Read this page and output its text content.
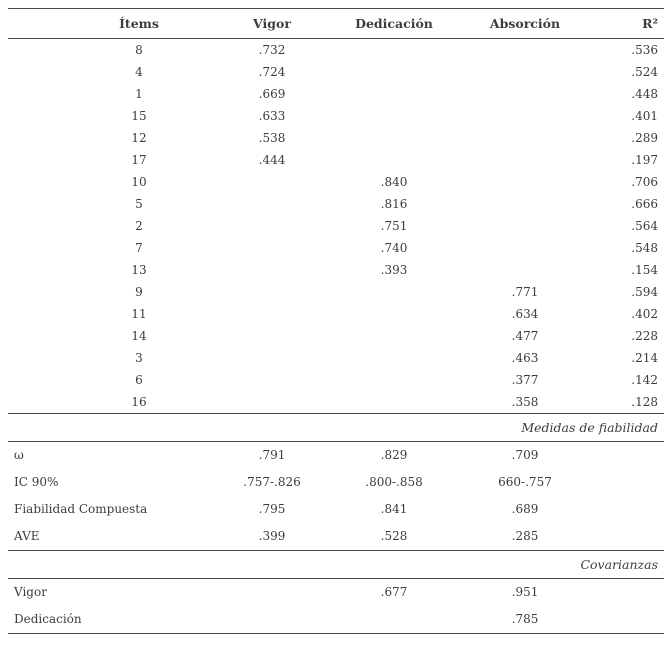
Ítems	Vigor	Dedicación	Absorción	R²
8	.732			.536
4	.724			.524
1	.669			.448
15	.633			.401
12	.538			.289
17	.444			.197
10		.840		.706
5		.816		.666
2		.751		.564
7		.740		.548
13		.393		.154
9			.771	.594
11			.634	.402
14			.477	.228
3			.463	.214
6			.377	.142
16			.358	.128
Medidas de fiabilidad				
ω	.791	.829	.709	
IC 90%	.757-.826	.800-.858	660-.757	
Fiabilidad Compuesta	.795	.841	.689	
AVE	.399	.528	.285	
Covarianzas				
Vigor		.677	.951	
Dedicación			.785	
